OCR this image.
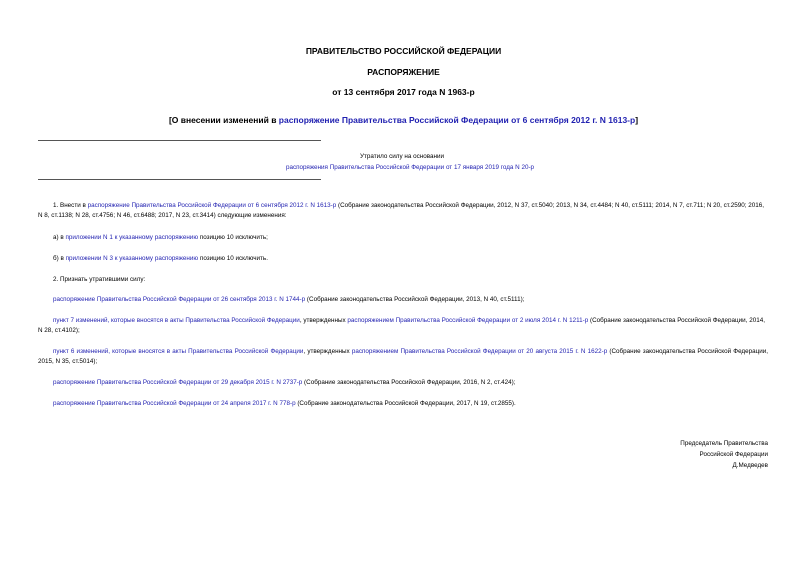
ПРАВИТЕЛЬСТВО РОССИЙСКОЙ ФЕДЕРАЦИИ
РАСПОРЯЖЕНИЕ
от 13 сентября 2017 года N 1963-р
[О внесении изменений в распоряжение Правительства Российской Федерации от 6 сентября 2012 г. N 1613-р]
Утратило силу на основании
распоряжения Правительства Российской Федерации от 17 января 2019 года N 20-р
1. Внести в распоряжение Правительства Российской Федерации от 6 сентября 2012 г. N 1613-р (Собрание законодательства Российской Федерации, 2012, N 37, ст.5040; 2013, N 34, ст.4484; N 40, ст.5111; 2014, N 7, ст.711; N 20, ст.2590; 2016, N 8, ст.1138; N 28, ст.4756; N 46, ст.6488; 2017, N 23, ст.3414) следующие изменения:
а) в приложении N 1 к указанному распоряжению позицию 10 исключить;
б) в приложении N 3 к указанному распоряжению позицию 10 исключить.
2. Признать утратившими силу:
распоряжение Правительства Российской Федерации от 26 сентября 2013 г. N 1744-р (Собрание законодательства Российской Федерации, 2013, N 40, ст.5111);
пункт 7 изменений, которые вносятся в акты Правительства Российской Федерации, утвержденных распоряжением Правительства Российской Федерации от 2 июля 2014 г. N 1211-р (Собрание законодательства Российской Федерации, 2014, N 28, ст.4102);
пункт 6 изменений, которые вносятся в акты Правительства Российской Федерации, утвержденных распоряжением Правительства Российской Федерации от 20 августа 2015 г. N 1622-р (Собрание законодательства Российской Федерации, 2015, N 35, ст.5014);
распоряжение Правительства Российской Федерации от 29 декабря 2015 г. N 2737-р (Собрание законодательства Российской Федерации, 2016, N 2, ст.424);
распоряжение Правительства Российской Федерации от 24 апреля 2017 г. N 778-р (Собрание законодательства Российской Федерации, 2017, N 19, ст.2855).
Председатель Правительства
Российской Федерации
Д.Медведев
